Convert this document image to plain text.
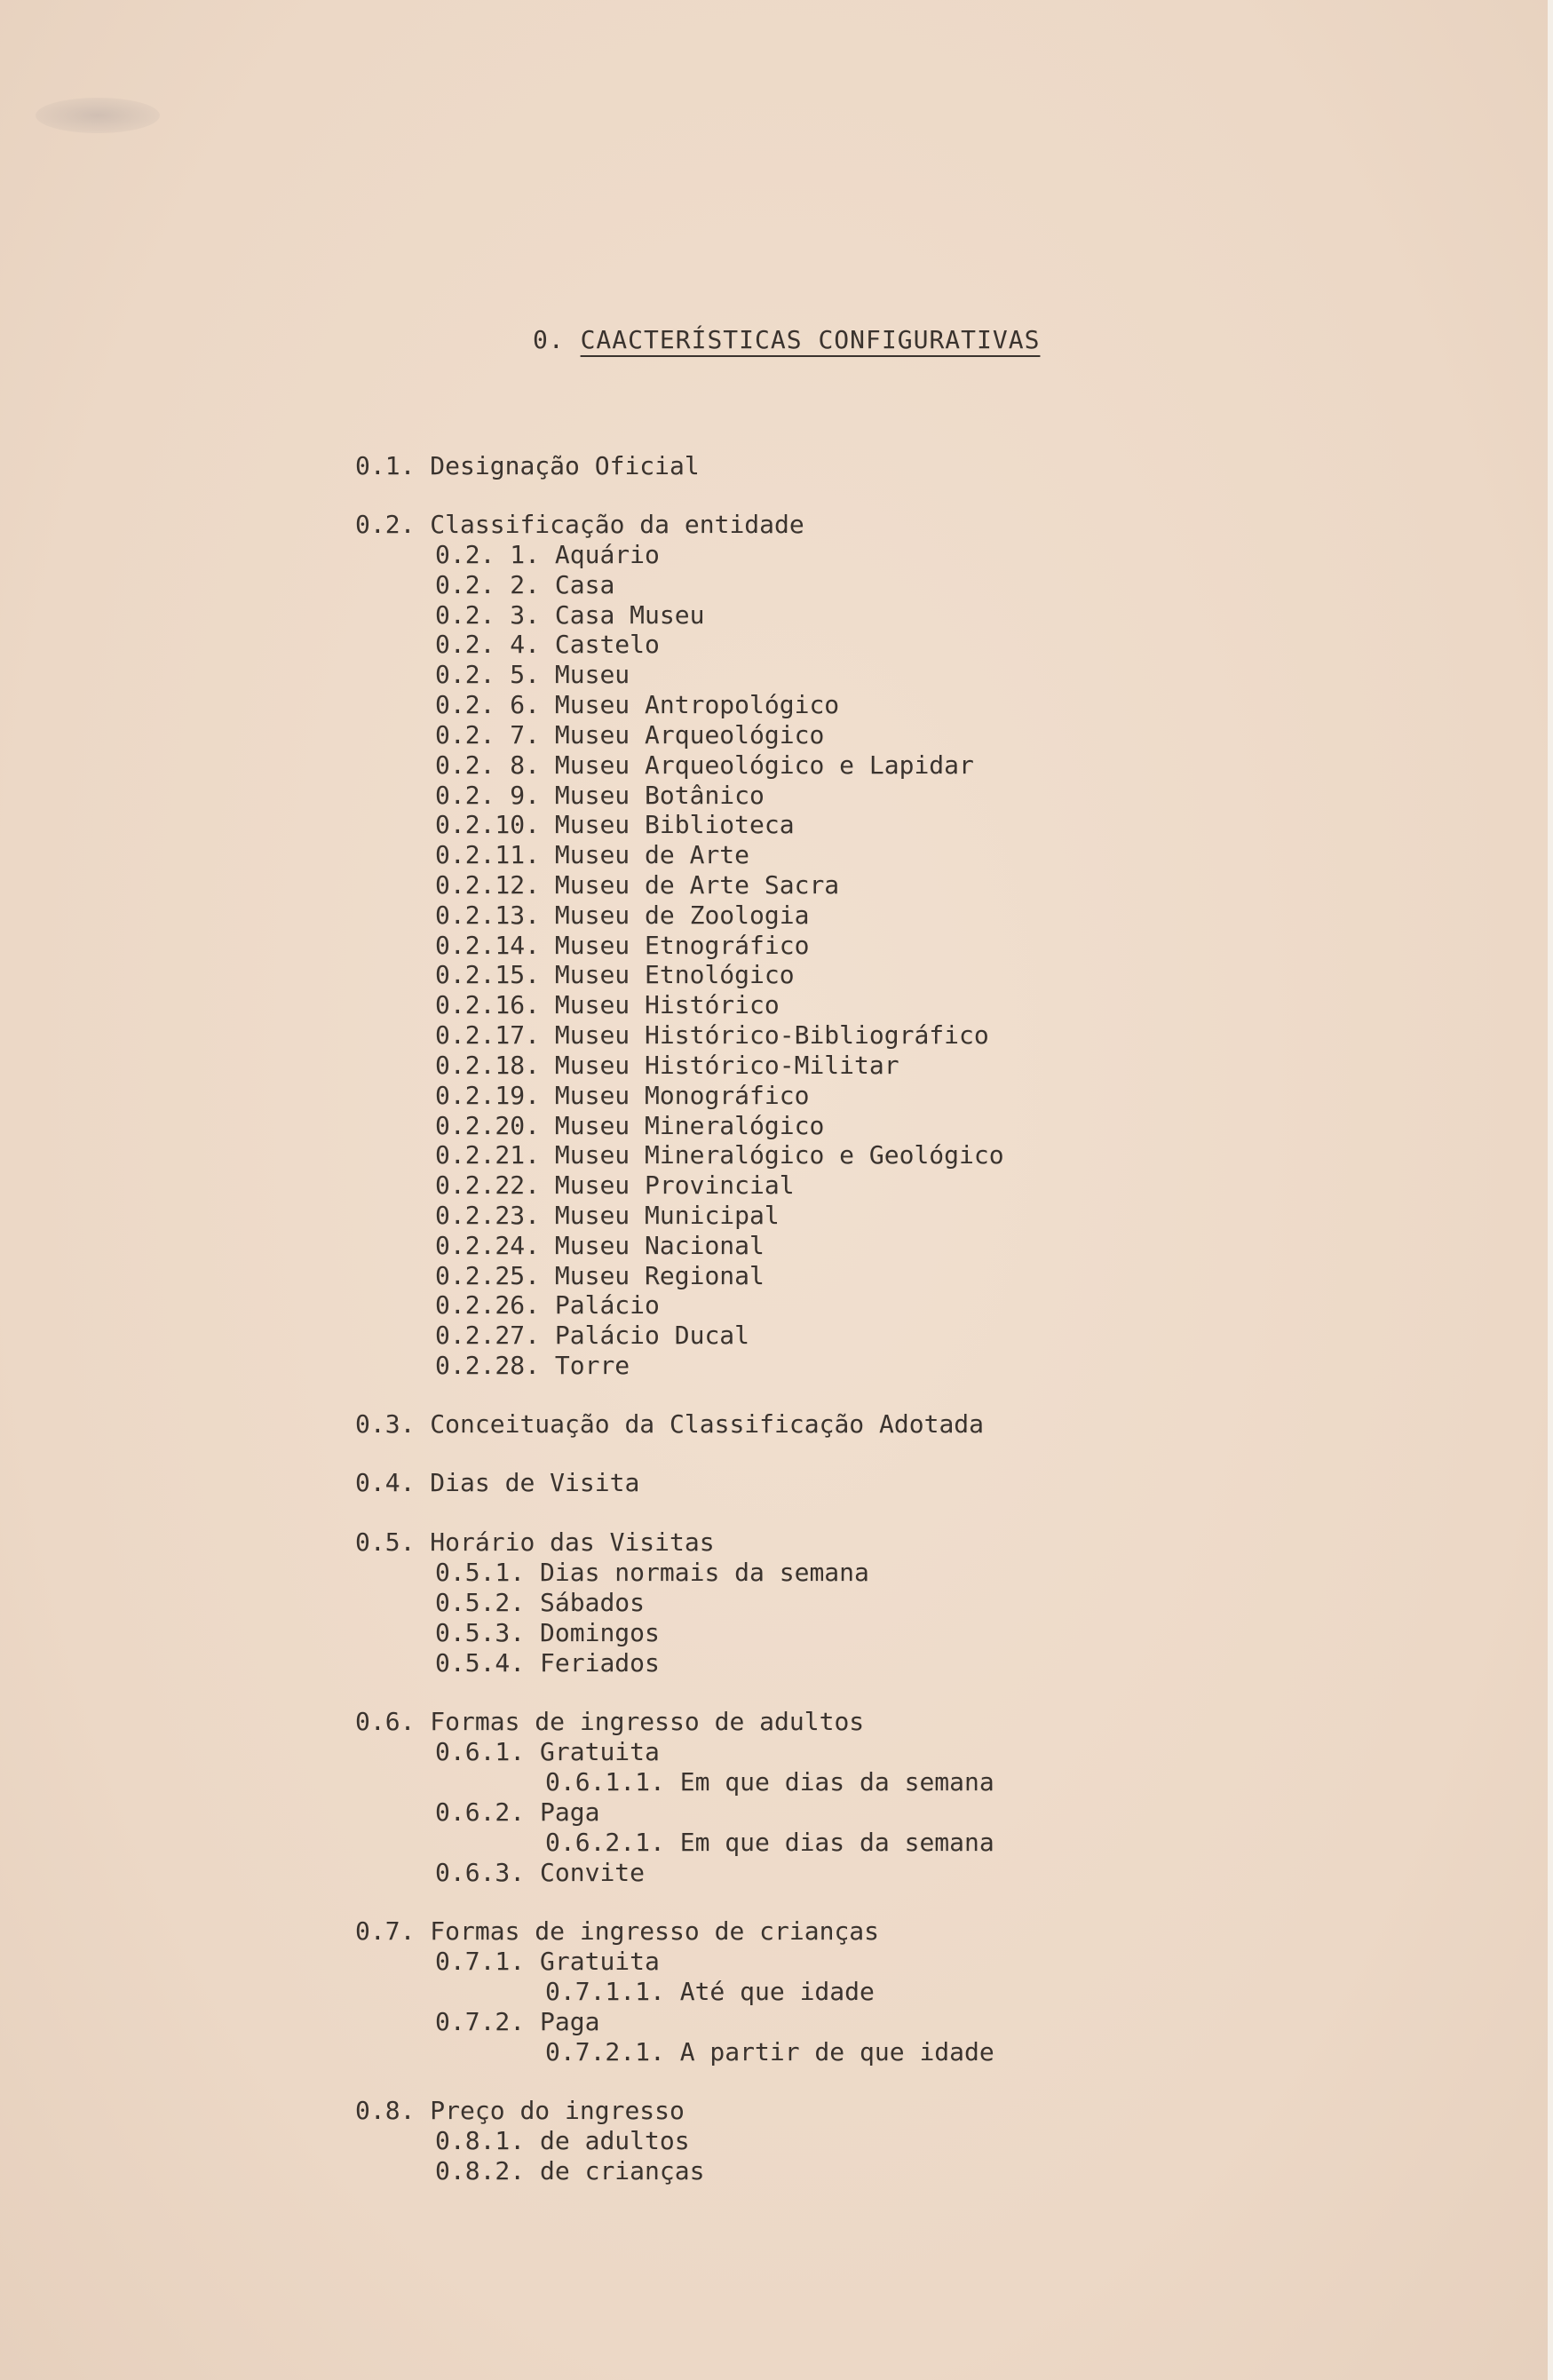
0. CAACTERÍSTICAS CONFIGURATIVAS
0.1. Designação Oficial
0.2. Classificação da entidade
0.2. 1. Aquário
0.2. 2. Casa
0.2. 3. Casa Museu
0.2. 4. Castelo
0.2. 5. Museu
0.2. 6. Museu Antropológico
0.2. 7. Museu Arqueológico
0.2. 8. Museu Arqueológico e Lapidar
0.2. 9. Museu Botânico
0.2.10. Museu Biblioteca
0.2.11. Museu de Arte
0.2.12. Museu de Arte Sacra
0.2.13. Museu de Zoologia
0.2.14. Museu Etnográfico
0.2.15. Museu Etnológico
0.2.16. Museu Histórico
0.2.17. Museu Histórico-Bibliográfico
0.2.18. Museu Histórico-Militar
0.2.19. Museu Monográfico
0.2.20. Museu Mineralógico
0.2.21. Museu Mineralógico e Geológico
0.2.22. Museu Provincial
0.2.23. Museu Municipal
0.2.24. Museu Nacional
0.2.25. Museu Regional
0.2.26. Palácio
0.2.27. Palácio Ducal
0.2.28. Torre
0.3. Conceituação da Classificação Adotada
0.4. Dias de Visita
0.5. Horário das Visitas
0.5.1. Dias normais da semana
0.5.2. Sábados
0.5.3. Domingos
0.5.4. Feriados
0.6. Formas de ingresso de adultos
0.6.1. Gratuita
0.6.1.1. Em que dias da semana
0.6.2. Paga
0.6.2.1. Em que dias da semana
0.6.3. Convite
0.7. Formas de ingresso de crianças
0.7.1. Gratuita
0.7.1.1. Até que idade
0.7.2. Paga
0.7.2.1. A partir de que idade
0.8. Preço do ingresso
0.8.1. de adultos
0.8.2. de crianças
